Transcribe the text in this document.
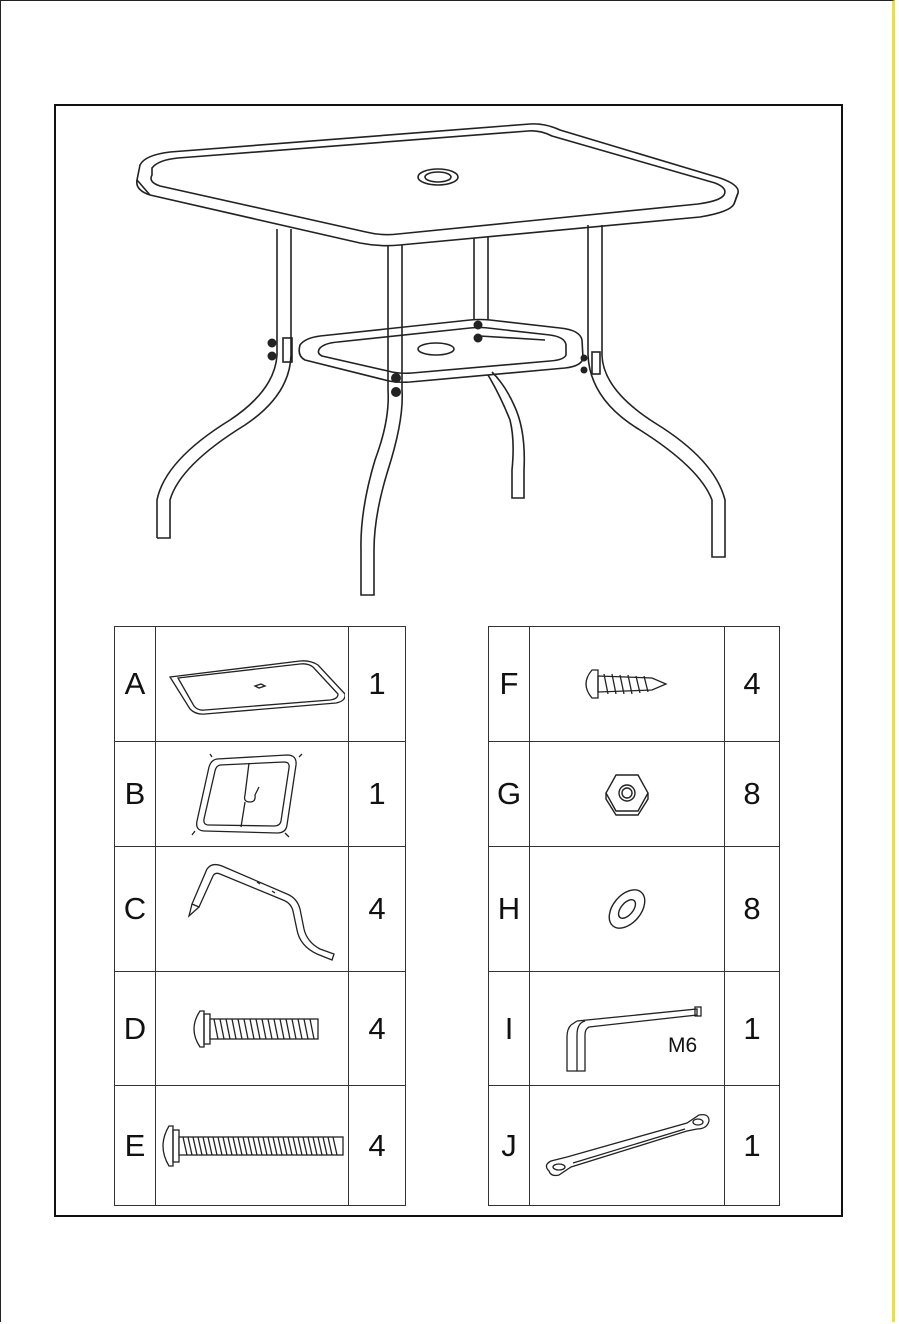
A		1
B		1
C		4
D		4
E		4
F		4
G		8
H		8
I	M6	1
J		1
